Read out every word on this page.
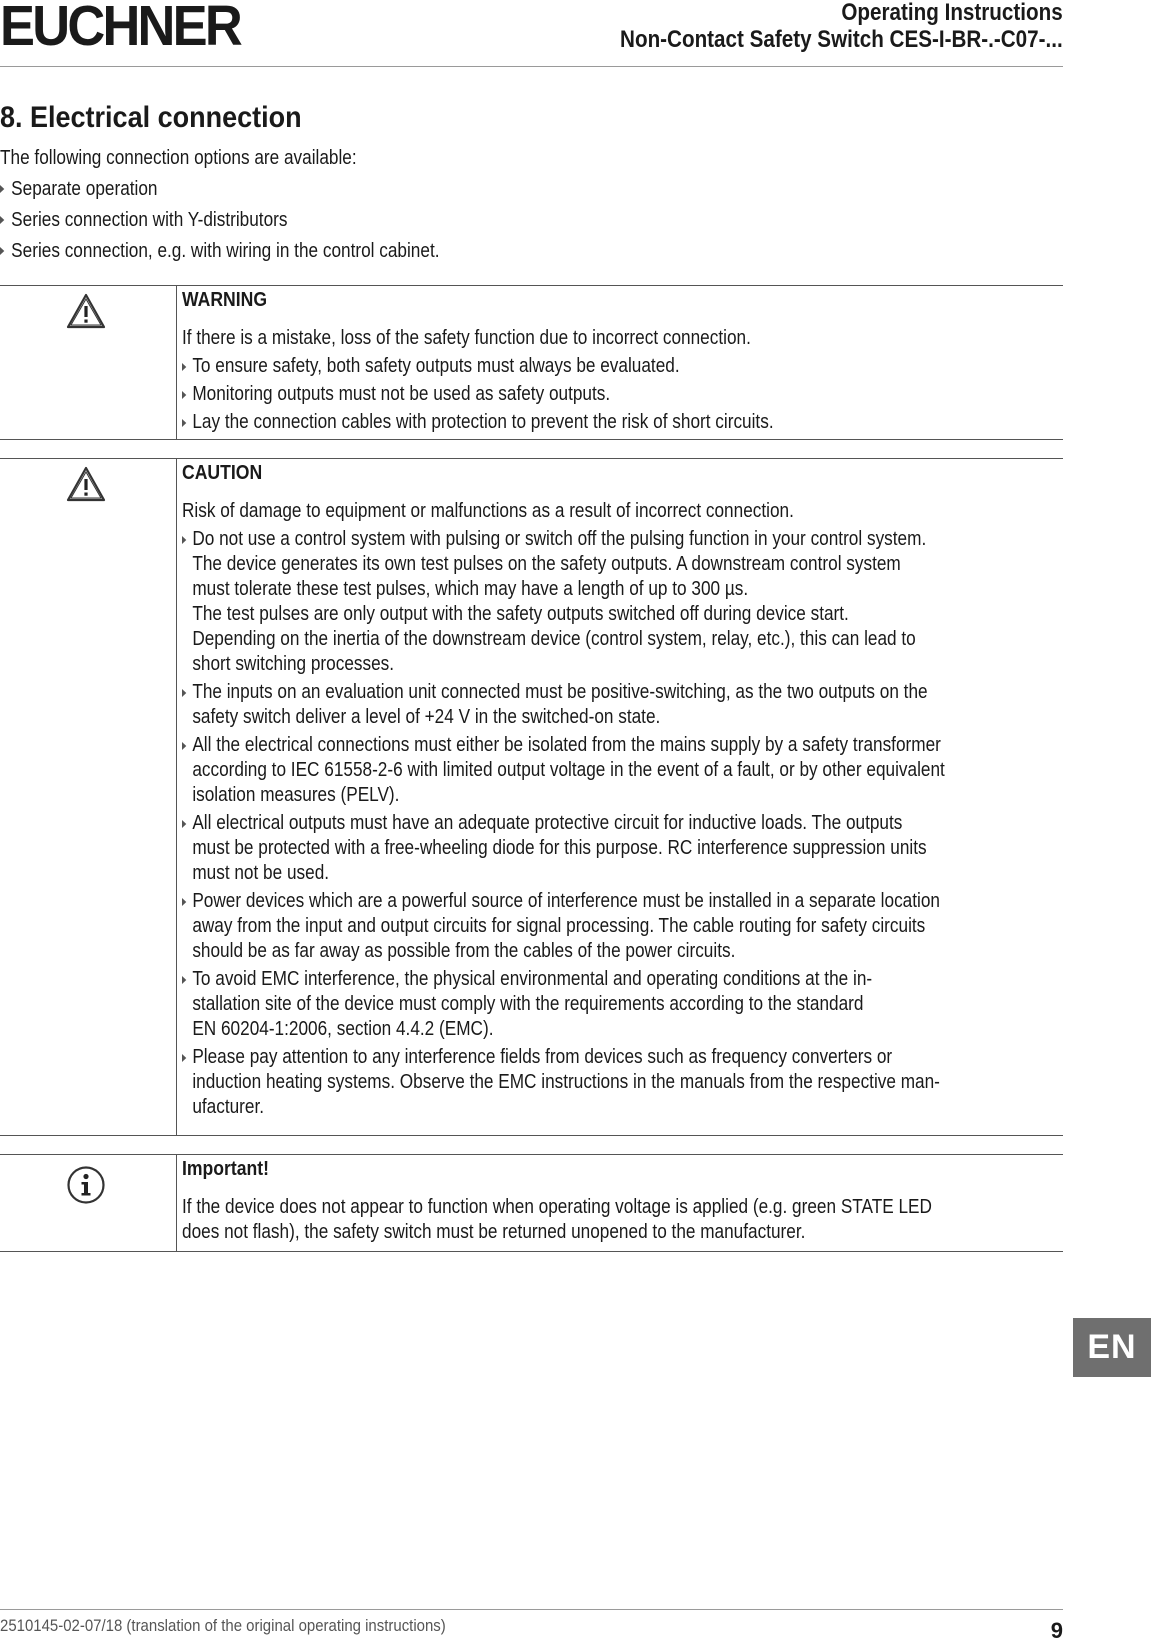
EUCHNER	Operating Instructions
Non-Contact Safety Switch CES-I-BR-.-C07-...
8. Electrical connection
The following connection options are available:
Separate operation
Series connection with Y-distributors
Series connection, e.g. with wiring in the control cabinet.
WARNING
If there is a mistake, loss of the safety function due to incorrect connection.
To ensure safety, both safety outputs must always be evaluated.
Monitoring outputs must not be used as safety outputs.
Lay the connection cables with protection to prevent the risk of short circuits.
CAUTION
Risk of damage to equipment or malfunctions as a result of incorrect connection.
Do not use a control system with pulsing or switch off the pulsing function in your control system.
The device generates its own test pulses on the safety outputs. A downstream control system
must tolerate these test pulses, which may have a length of up to 300 µs.
The test pulses are only output with the safety outputs switched off during device start.
Depending on the inertia of the downstream device (control system, relay, etc.), this can lead to
short switching processes.
The inputs on an evaluation unit connected must be positive-switching, as the two outputs on the
safety switch deliver a level of +24 V in the switched-on state.
All the electrical connections must either be isolated from the mains supply by a safety transformer
according to IEC 61558-2-6 with limited output voltage in the event of a fault, or by other equivalent
isolation measures (PELV).
All electrical outputs must have an adequate protective circuit for inductive loads. The outputs
must be protected with a free-wheeling diode for this purpose. RC interference suppression units
must not be used.
Power devices which are a powerful source of interference must be installed in a separate location
away from the input and output circuits for signal processing. The cable routing for safety circuits
should be as far away as possible from the cables of the power circuits.
To avoid EMC interference, the physical environmental and operating conditions at the in-
stallation site of the device must comply with the requirements according to the standard
EN 60204-1:2006, section 4.4.2 (EMC).
Please pay attention to any interference fields from devices such as frequency converters or
induction heating systems. Observe the EMC instructions in the manuals from the respective man-
ufacturer.
Important!
If the device does not appear to function when operating voltage is applied (e.g. green STATE LED
does not flash), the safety switch must be returned unopened to the manufacturer.
2510145-02-07/18 (translation of the original operating instructions)	9
EN
